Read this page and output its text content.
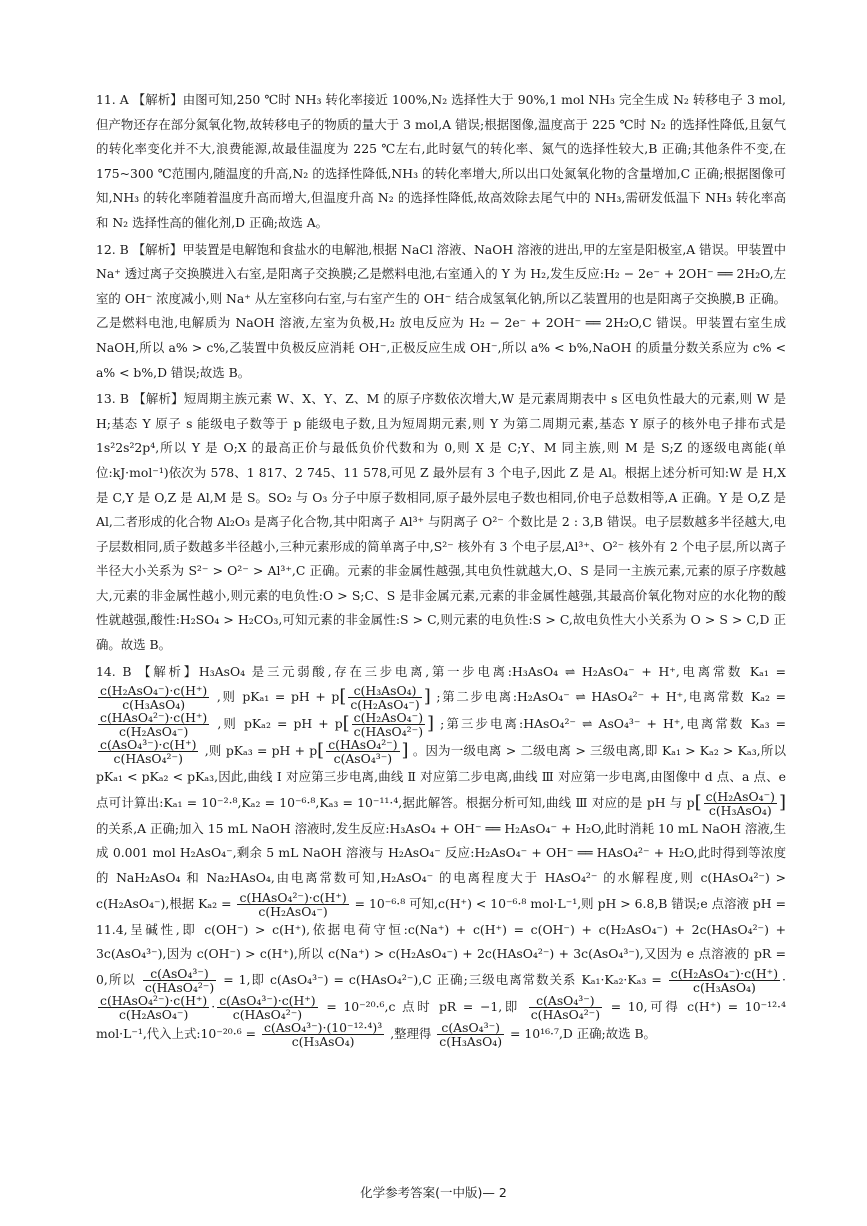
11. A 【解析】由图可知,250 ℃时 NH₃ 转化率接近 100%,N₂ 选择性大于 90%,1 mol NH₃ 完全生成 N₂ 转移电子 3 mol,但产物还存在部分氮氧化物,故转移电子的物质的量大于 3 mol,A 错误;根据图像,温度高于 225 ℃时 N₂ 的选择性降低,且氨气的转化率变化并不大,浪费能源,故最佳温度为 225 ℃左右,此时氨气的转化率、氮气的选择性较大,B 正确;其他条件不变,在 175~300 ℃范围内,随温度的升高,N₂ 的选择性降低,NH₃ 的转化率增大,所以出口处氮氧化物的含量增加,C 正确;根据图像可知,NH₃ 的转化率随着温度升高而增大,但温度升高 N₂ 的选择性降低,故高效除去尾气中的 NH₃,需研发低温下 NH₃ 转化率高和 N₂ 选择性高的催化剂,D 正确;故选 A。

12. B 【解析】甲装置是电解饱和食盐水的电解池,根据 NaCl 溶液、NaOH 溶液的进出,甲的左室是阳极室,A 错误。甲装置中 Na⁺ 透过离子交换膜进入右室,是阳离子交换膜;乙是燃料电池,右室通入的 Y 为 H₂,发生反应:H₂ − 2e⁻ + 2OH⁻ ══ 2H₂O,左室的 OH⁻ 浓度减小,则 Na⁺ 从左室移向右室,与右室产生的 OH⁻ 结合成氢氧化钠,所以乙装置用的也是阳离子交换膜,B 正确。乙是燃料电池,电解质为 NaOH 溶液,左室为负极,H₂ 放电反应为 H₂ − 2e⁻ + 2OH⁻ ══ 2H₂O,C 错误。甲装置右室生成 NaOH,所以 a% > c%,乙装置中负极反应消耗 OH⁻,正极反应生成 OH⁻,所以 a% < b%,NaOH 的质量分数关系应为 c% < a% < b%,D 错误;故选 B。

13. B 【解析】短周期主族元素 W、X、Y、Z、M 的原子序数依次增大,W 是元素周期表中 s 区电负性最大的元素,则 W 是 H;基态 Y 原子 s 能级电子数等于 p 能级电子数,且为短周期元素,则 Y 为第二周期元素,基态 Y 原子的核外电子排布式是 1s²2s²2p⁴,所以 Y 是 O;X 的最高正价与最低负价代数和为 0,则 X 是 C;Y、M 同主族,则 M 是 S;Z 的逐级电离能(单位:kJ·mol⁻¹)依次为 578、1 817、2 745、11 578,可见 Z 最外层有 3 个电子,因此 Z 是 Al。根据上述分析可知:W 是 H,X 是 C,Y 是 O,Z 是 Al,M 是 S。SO₂ 与 O₃ 分子中原子数相同,原子最外层电子数也相同,价电子总数相等,A 正确。Y 是 O,Z 是 Al,二者形成的化合物 Al₂O₃ 是离子化合物,其中阳离子 Al³⁺ 与阴离子 O²⁻ 个数比是 2 : 3,B 错误。电子层数越多半径越大,电子层数相同,质子数越多半径越小,三种元素形成的简单离子中,S²⁻ 核外有 3 个电子层,Al³⁺、O²⁻ 核外有 2 个电子层,所以离子半径大小关系为 S²⁻ > O²⁻ > Al³⁺,C 正确。元素的非金属性越强,其电负性就越大,O、S 是同一主族元素,元素的原子序数越大,元素的非金属性越小,则元素的电负性:O > S;C、S 是非金属元素,元素的非金属性越强,其最高价氧化物对应的水化物的酸性就越强,酸性:H₂SO₄ > H₂CO₃,可知元素的非金属性:S > C,则元素的电负性:S > C,故电负性大小关系为 O > S > C,D 正确。故选 B。

14. B 【解析】H₃AsO₄ 是三元弱酸,存在三步电离,第一步电离:H₃AsO₄ ⇌ H₂AsO₄⁻ + H⁺,电离常数 Kₐ₁ =
$\frac{\text{c(H₂AsO₄⁻)·c(H⁺)}}{\text{c(H₃AsO₄)}}$ ,则 pKₐ₁ = pH + $p[ \frac{\text{c(H₃AsO₄)}}{\text{c(H₂AsO₄⁻)}}$ ] ;第二步电离:H₂AsO₄⁻ ⇌ HAsO₄²⁻ + H⁺,电离常数 Kₐ₂ =
$\frac{\text{c(HAsO₄²⁻)·c(H⁺)}}{\text{c(H₂AsO₄⁻)}}$ ,则 pKₐ₂ = pH + $p[ \frac{\text{c(H₂AsO₄⁻)}}{\text{c(HAsO₄²⁻)}}$ ] ;第三步电离:HAsO₄²⁻ ⇌ AsO₄³⁻ + H⁺,电离常数 Kₐ₃ =
$\frac{\text{c(AsO₄³⁻)·c(H⁺)}}{\text{c(HAsO₄²⁻)}}$ ,则 pKₐ₃ = pH + $p[ \frac{\text{c(HAsO₄²⁻)}}{\text{c(AsO₄³⁻)}}$ ] 。因为一级电离 > 二级电离 > 三级电离,即 Kₐ₁ > Kₐ₂ > Kₐ₃,所以 pKₐ₁ < pKₐ₂ < pKₐ₃,因此,曲线 Ⅰ 对应第三步电离,曲线 Ⅱ 对应第二步电离,曲线 Ⅲ 对应第一步电离,由图像中 d 点、a 点、e 点可计算出:Kₐ₁ = 10⁻²·⁸,Kₐ₂ = 10⁻⁶·⁸,Kₐ₃ = 10⁻¹¹·⁴,据此解答。根据分析可知,曲线 Ⅲ 对应的是 pH 与 $p[ \frac{\text{c(H₂AsO₄⁻)}}{\text{c(H₃AsO₄)}}$ ] 的关系,A 正确;加入 15 mL NaOH 溶液时,发生反应:H₃AsO₄ + OH⁻ ══ H₂AsO₄⁻ + H₂O,此时消耗 10 mL NaOH 溶液,生成 0.001 mol H₂AsO₄⁻,剩余 5 mL NaOH 溶液与 H₂AsO₄⁻ 反应:H₂AsO₄⁻ + OH⁻ ══ HAsO₄²⁻ + H₂O,此时得到等浓度的 NaH₂AsO₄ 和 Na₂HAsO₄,由电离常数可知,H₂AsO₄⁻ 的电离程度大于 HAsO₄²⁻ 的水解程度,则 c(HAsO₄²⁻) > c(H₂AsO₄⁻),根据 $K_{a2} = \frac{\text{c(HAsO₄²⁻)·c(H⁺)}}{\text{c(H₂AsO₄⁻)}} = 10^{-6}\cdot^8$ 可知,c(H⁺) < 10⁻⁶·⁸ mol·L⁻¹,则 pH > 6.8,B 错误;e 点溶液 pH = 11.4,呈碱性,即 c(OH⁻) > c(H⁺),依据电荷守恒:c(Na⁺) + c(H⁺) = c(OH⁻) + c(H₂AsO₄⁻) + 2c(HAsO₄²⁻) + 3c(AsO₄³⁻),因为 c(OH⁻) > c(H⁺),所以 c(Na⁺) > c(H₂AsO₄⁻) + 2c(HAsO₄²⁻) + 3c(AsO₄³⁻),又因为 e 点溶液的 pR = 0,所以 $\frac{\text{c(AsO₄³⁻)}}{\text{c(HAsO₄²⁻)}} = 1$,即 c(AsO₄³⁻) = c(HAsO₄²⁻),C 正确;三级电离常数关系 $K_{a1}\cdot K_{a2}\cdot K_{a3} = \frac{\text{c(H₂AsO₄⁻)·c(H⁺)}}{\text{c(H₃AsO₄)}}$ ·
$\frac{\text{c(HAsO₄²⁻)·c(H⁺)}}{\text{c(H₂AsO₄⁻)}} \cdot \frac{\text{c(AsO₄³⁻)·c(H⁺)}}{\text{c(HAsO₄²⁻)}} = 10^{-20}\cdot^6,c$ 点时 pR = −1,即 $\frac{\text{c(AsO₄³⁻)}}{\text{c(HAsO₄²⁻)}} = 10$,可得 c(H⁺) = 10⁻¹²·⁴ mol·L⁻¹,代入上式:10⁻²⁰·⁶ = $\frac{\text{c(AsO₄³⁻)·(10⁻¹²·⁴)³}}{\text{c(H₃AsO₄)}}$ ,整理得 $\frac{\text{c(AsO₄³⁻)}}{\text{c(H₃AsO₄)}} = 10^{16}\cdot^7,D$ 正确;故选 B。

化学参考答案(一中版)— 2
